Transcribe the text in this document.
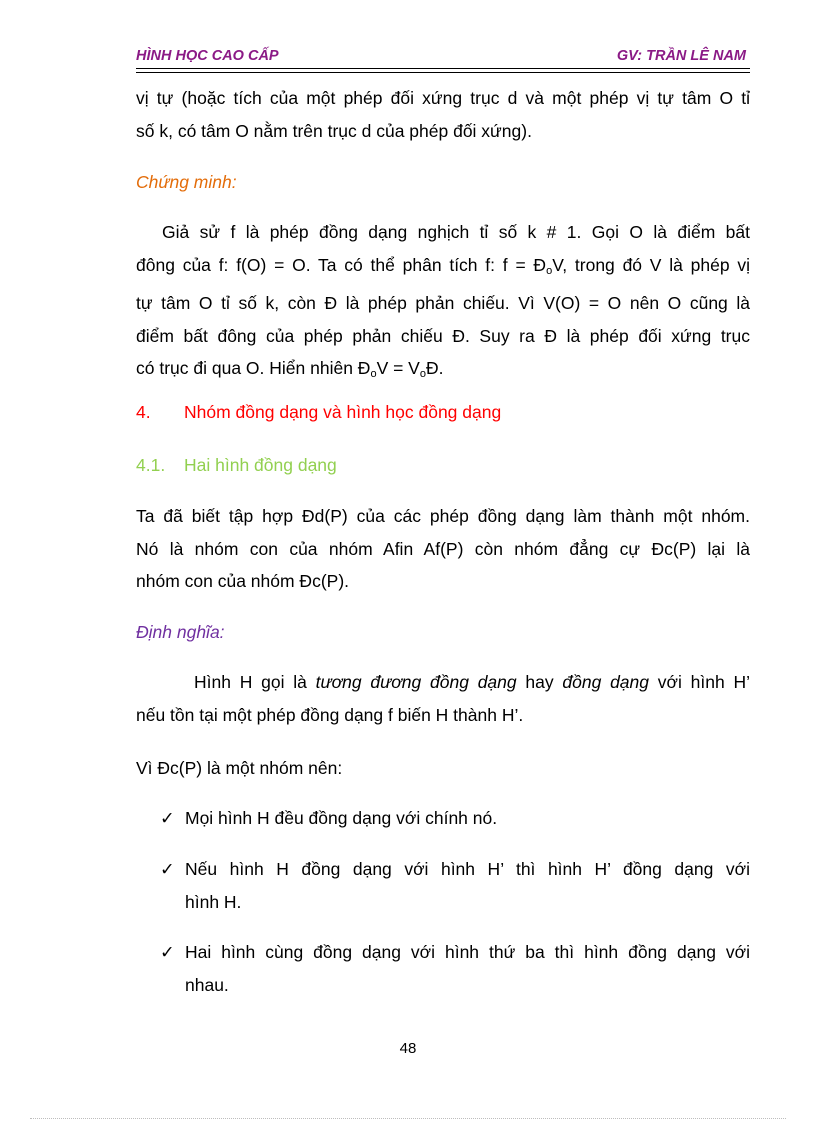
HÌNH HỌC CAO CẤP	GV: TRẦN LÊ NAM
vị tự (hoặc tích của một phép đối xứng trục d và một phép vị tự tâm O tỉ
số k, có tâm O nằm trên trục d của phép đối xứng).
Chứng minh:
Giả sử f là phép đồng dạng nghịch tỉ số k # 1. Gọi O là điểm bất
đông của f: f(O) = O. Ta có thể phân tích f: $f = Đ_oV$, trong đó V là phép vị
tự tâm O tỉ số k, còn Đ là phép phản chiếu. Vì V(O) = O nên O cũng là
điểm bất đông của phép phản chiếu Đ. Suy ra Đ là phép đối xứng trục
có trục đi qua O. Hiển nhiên $Đ_oV$ = $V_oĐ$.
4. Nhóm đồng dạng và hình học đồng dạng
4.1. Hai hình đồng dạng
Ta đã biết tập hợp Đd(P) của các phép đồng dạng làm thành một nhóm.
Nó là nhóm con của nhóm Afin Af(P) còn nhóm đẳng cự Đc(P) lại là
nhóm con của nhóm Đc(P).
Định nghĩa:
Hình H gọi là tương đương đồng dạng hay đồng dạng với hình H’
nếu tồn tại một phép đồng dạng f biến H thành H’.
Vì Đc(P) là một nhóm nên:
✓ Mọi hình H đều đồng dạng với chính nó.
✓ Nếu hình H đồng dạng với hình H’ thì hình H’ đồng dạng với
hình H.
✓ Hai hình cùng đồng dạng với hình thứ ba thì hình đồng dạng với
nhau.
48
